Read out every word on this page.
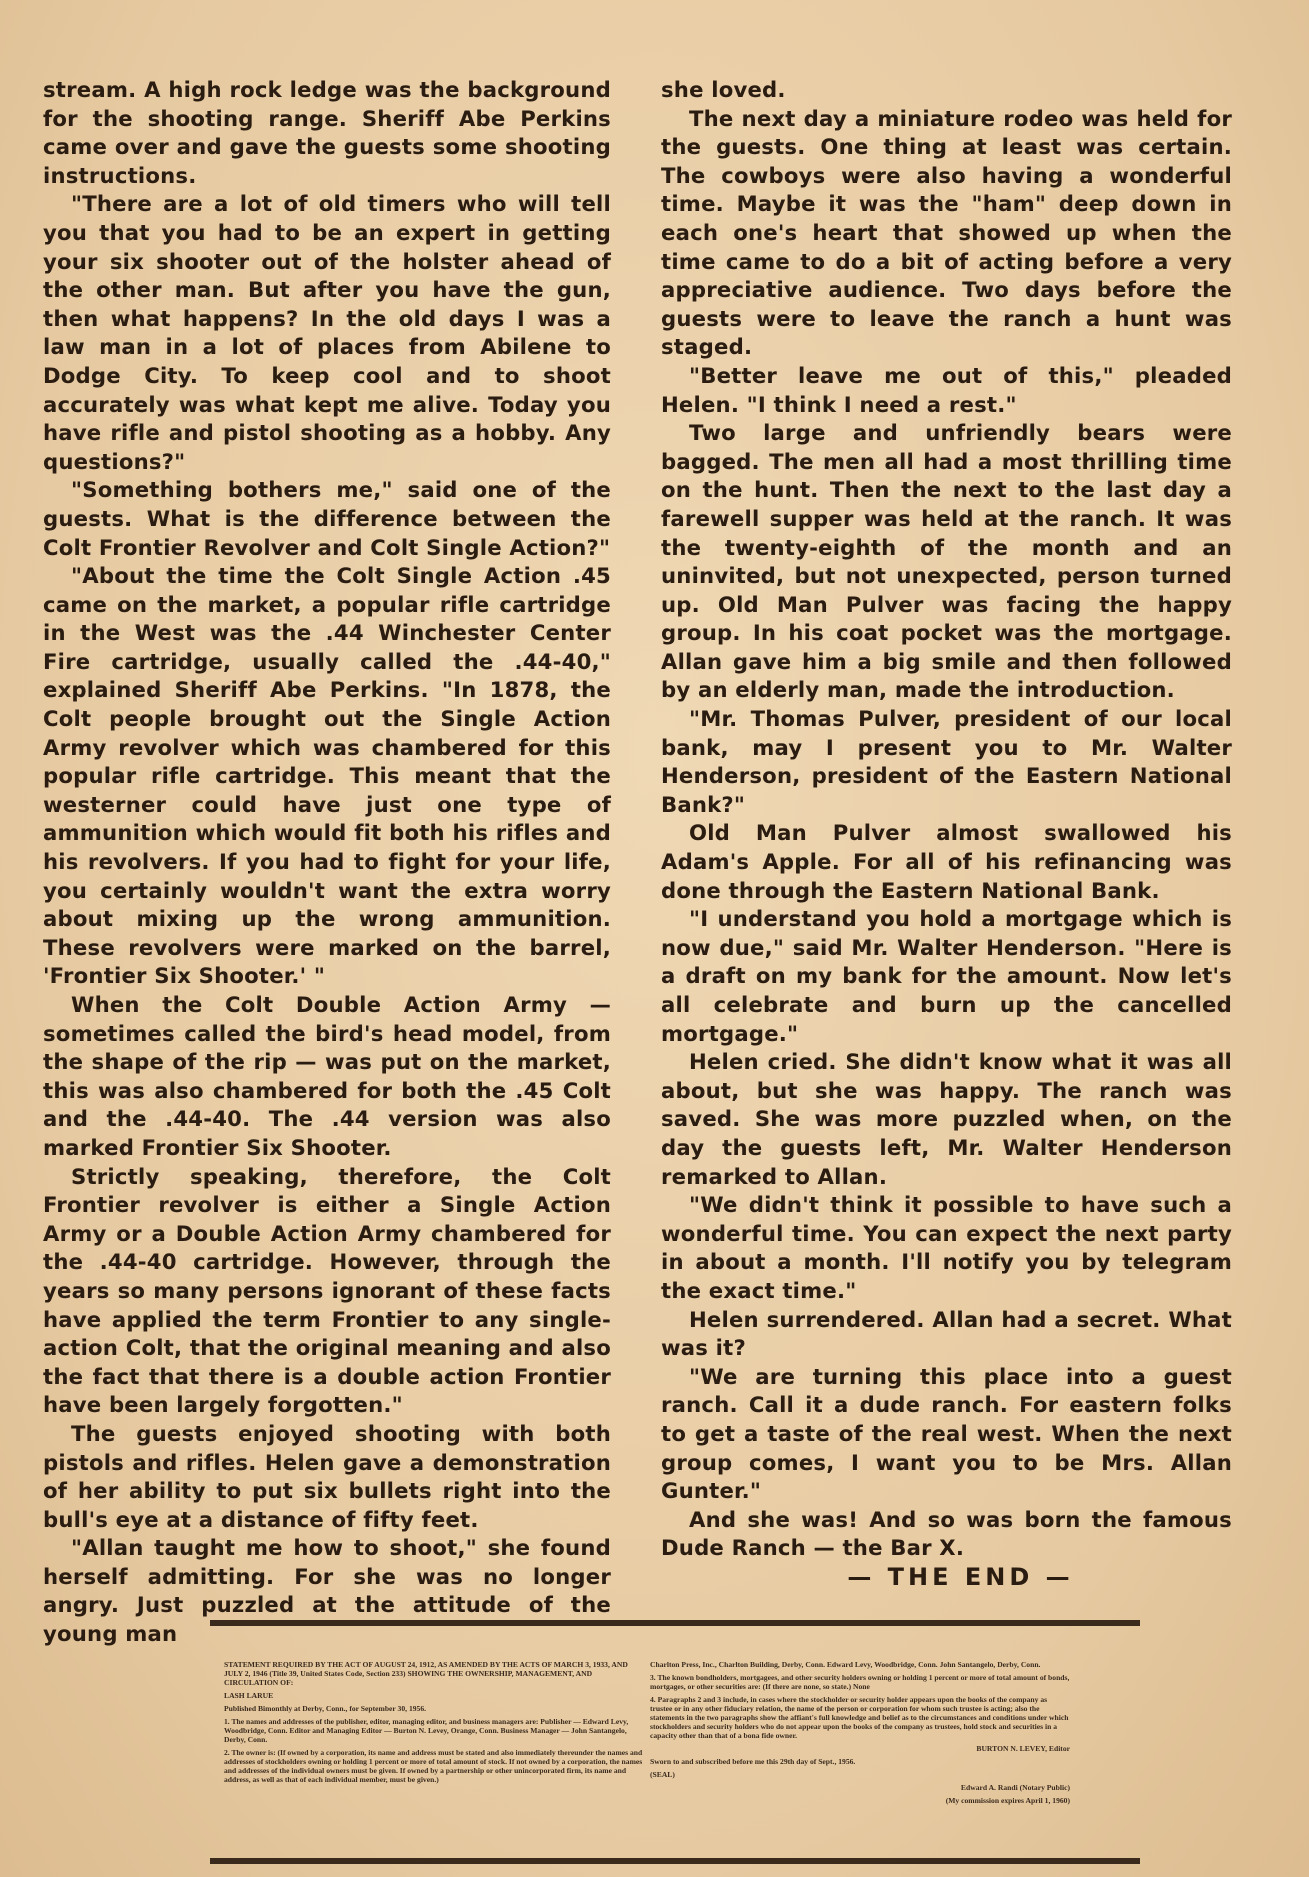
stream. A high rock ledge was the background for the shooting range. Sheriff Abe Perkins came over and gave the guests some shooting instructions.

"There are a lot of old timers who will tell you that you had to be an expert in getting your six shooter out of the holster ahead of the other man. But after you have the gun, then what happens? In the old days I was a law man in a lot of places from Abilene to Dodge City. To keep cool and to shoot accurately was what kept me alive. Today you have rifle and pistol shooting as a hobby. Any questions?"

"Something bothers me," said one of the guests. What is the difference between the Colt Frontier Revolver and Colt Single Action?"

"About the time the Colt Single Action .45 came on the market, a popular rifle cartridge in the West was the .44 Winchester Center Fire cartridge, usually called the .44-40," explained Sheriff Abe Perkins. "In 1878, the Colt people brought out the Single Action Army revolver which was chambered for this popular rifle cartridge. This meant that the westerner could have just one type of ammunition which would fit both his rifles and his revolvers. If you had to fight for your life, you certainly wouldn't want the extra worry about mixing up the wrong ammunition. These revolvers were marked on the barrel, 'Frontier Six Shooter.' "

When the Colt Double Action Army — sometimes called the bird's head model, from the shape of the rip — was put on the market, this was also chambered for both the .45 Colt and the .44-40. The .44 version was also marked Frontier Six Shooter.

Strictly speaking, therefore, the Colt Frontier revolver is either a Single Action Army or a Double Action Army chambered for the .44-40 cartridge. However, through the years so many persons ignorant of these facts have applied the term Frontier to any single-action Colt, that the original meaning and also the fact that there is a double action Frontier have been largely forgotten."

The guests enjoyed shooting with both pistols and rifles. Helen gave a demonstration of her ability to put six bullets right into the bull's eye at a distance of fifty feet.

"Allan taught me how to shoot," she found herself admitting. For she was no longer angry. Just puzzled at the attitude of the young man

she loved.

The next day a miniature rodeo was held for the guests. One thing at least was certain. The cowboys were also having a wonderful time. Maybe it was the "ham" deep down in each one's heart that showed up when the time came to do a bit of acting before a very appreciative audience. Two days before the guests were to leave the ranch a hunt was staged.

"Better leave me out of this," pleaded Helen. "I think I need a rest."

Two large and unfriendly bears were bagged. The men all had a most thrilling time on the hunt. Then the next to the last day a farewell supper was held at the ranch. It was the twenty-eighth of the month and an uninvited, but not unexpected, person turned up. Old Man Pulver was facing the happy group. In his coat pocket was the mortgage. Allan gave him a big smile and then followed by an elderly man, made the introduction.

"Mr. Thomas Pulver, president of our local bank, may I present you to Mr. Walter Henderson, president of the Eastern National Bank?"

Old Man Pulver almost swallowed his Adam's Apple. For all of his refinancing was done through the Eastern National Bank.

"I understand you hold a mortgage which is now due," said Mr. Walter Henderson. "Here is a draft on my bank for the amount. Now let's all celebrate and burn up the cancelled mortgage."

Helen cried. She didn't know what it was all about, but she was happy. The ranch was saved. She was more puzzled when, on the day the guests left, Mr. Walter Henderson remarked to Allan.

"We didn't think it possible to have such a wonderful time. You can expect the next party in about a month. I'll notify you by telegram the exact time."

Helen surrendered. Allan had a secret. What was it?

"We are turning this place into a guest ranch. Call it a dude ranch. For eastern folks to get a taste of the real west. When the next group comes, I want you to be Mrs. Allan Gunter."

And she was! And so was born the famous Dude Ranch — the Bar X.

— THE END —

STATEMENT REQUIRED BY THE ACT OF AUGUST 24, 1912, AS AMENDED BY THE ACTS OF MARCH 3, 1933, AND JULY 2, 1946 (Title 39, United States Code, Section 233) SHOWING THE OWNERSHIP, MANAGEMENT, AND CIRCULATION OF:

LASH LARUE

Published Bimonthly at Derby, Conn., for September 30, 1956.

1. The names and addresses of the publisher, editor, managing editor, and business managers are: Publisher — Edward Levy, Woodbridge, Conn. Editor and Managing Editor — Burton N. Levey, Orange, Conn. Business Manager — John Santangelo, Derby, Conn.

2. The owner is: (If owned by a corporation, its name and address must be stated and also immediately thereunder the names and addresses of stockholders owning or holding 1 percent or more of total amount of stock. If not owned by a corporation, the names and addresses of the individual owners must be given. If owned by a partnership or other unincorporated firm, its name and address, as well as that of each individual member, must be given.)

Charlton Press, Inc., Charlton Building, Derby, Conn. Edward Levy, Woodbridge, Conn. John Santangelo, Derby, Conn.

3. The known bondholders, mortgagees, and other security holders owning or holding 1 percent or more of total amount of bonds, mortgages, or other securities are: (If there are none, so state.) None

4. Paragraphs 2 and 3 include, in cases where the stockholder or security holder appears upon the books of the company as trustee or in any other fiduciary relation, the name of the person or corporation for whom such trustee is acting; also the statements in the two paragraphs show the affiant's full knowledge and belief as to the circumstances and conditions under which stockholders and security holders who do not appear upon the books of the company as trustees, hold stock and securities in a capacity other than that of a bona fide owner.

BURTON N. LEVEY, Editor

Sworn to and subscribed before me this 29th day of Sept., 1956.

(SEAL)

Edward A. Randi (Notary Public)

(My commission expires April 1, 1960)
